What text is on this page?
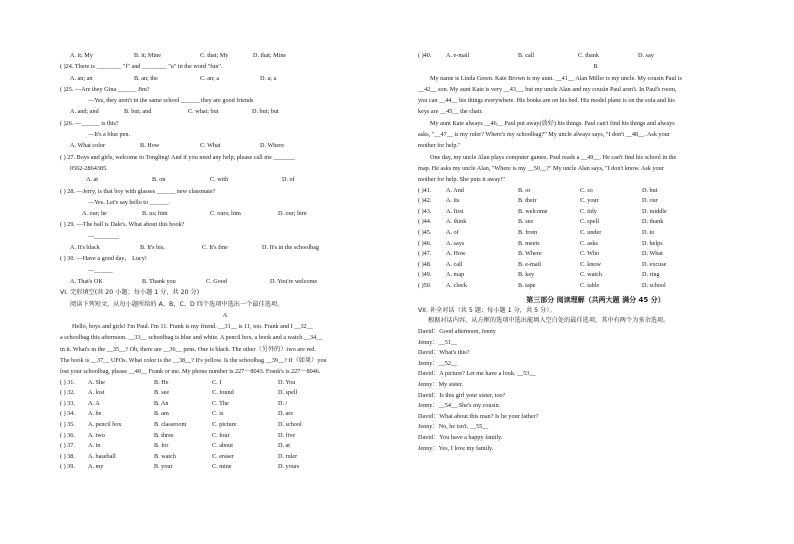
A. it; My	B. it; Mine	C. that; My	D. that; Mine
( )24. There is ________ "f" and ________ "u" in the word "fun".
A. an; an	B. an; the	C. an; a	D. a; a
( )25. —Are they Gina ______ Jim?
—Yes, they aren't in the same school ______ they are good friends
A. and; and	B. but; and	C. what; but	D. but; but
( )26. —______ is this?
—It's a blue pen.
A. What color	B. How	C. What	D. Where
( ) 27. Boys and girls, welcome to Tongling! And if you need any help, please call me _______
0562-2864385.
A. at	B. on	C. with	D. of
( ) 28. —Jerry, is that boy with glasses ______ new classmate?
—Yes. Let's say hello to ______.
A. our; he	B. us; him	C. ours; him	D. our; him
( ) 29. —The ball is Dale's. What about this book?
—________
A. It's black	B. It's his。	C. It's fine	D. It's in the schoolbag
( ) 30. —Have a good day， Lucy!
—______
A. That's OK	B. Thank you	C. Good	D. You're welcome
VI. 完形填空(共 20 小题；每小题 1 分，共 20 分)
阅读下列短文，从每小题所给的 A、B、C、D 四个选项中选出一个最佳选项。
A
Hello, boys and girls! I'm Paul. I'm 11. Frank is my friend. __31__ is 11, too. Frank and I __32__
a schoolbag this afternoon. __33__ schoolbag is blue and white. A pencil box, a book and a watch __34__
in it. What's in the __35__? Oh, there are __36__ pens. One is black. The other（另外的）two are red.
The book is __37__ UFOs. What color is the __38__? It's yellow. Is the schoolbag __39__? If（如果）you
lost your schoolbag, please __40__ Frank or me. My phone number is 227－8043. Frank's is 227－8046.
( ) 31. A. She	B. He	C. I	D. You
( ) 32. A. lost	B. see	C. found	D. spell
( ) 33. A. A	B. An	C. The	D. /
( ) 34. A. be	B. am	C. is	D. are
( ) 35. A. pencil box	B. classroom	C. picture	D. school
( ) 36. A. two	B. three	C. four	D. five
( ) 37. A. in	B. for	C. about	D. at
( ) 38. A. baseball	B. watch	C. eraser	D. ruler
( ) 39. A. my	B. your	C. mine	D. yours
( )40. A. e-mail	B. call	C. thank	D. say
B
My name is Linda Green. Kate Brown is my aunt. __41__ Alan Miller is my uncle. My cousin Paul is
__42__ son. My aunt Kate is very __43__, but my uncle Alan and my cousin Paul aren't. In Paul's room,
you can __44__ his things everywhere. His books are on his bed. His model plane is on the sofa and his
keys are __45__ the chair.
My aunt Kate always __46__ Paul put away(放好) his things. Paul can't find his things and always
asks, "__47__ is my ruler? Where's my schoolbag?" My uncle always says, "I don't __48__. Ask your
mother for help."
One day, my uncle Alan plays computer games. Paul reads a __49__. He can't find his school in the
map. He asks my uncle Alan, "Where is my __50__?" My uncle Alan says, "I don't know. Ask your
mother for help. She puts it away!"
( )41. A. And	B. or	C. so	D. but
( )42. A. its	B. their	C. your	D. our
( )43. A. first	B. welcome	C. tidy	D. middle
( )44. A. think	B. see	C. spell	D. thank
( )45. A. of	B. from	C. under	D. to
( )46. A. says	B. meets	C. asks	D. helps
( )47. A. How	B. Where	C. Who	D. What
( )48. A. call	B. e-mail	C. know	D. excuse
( )49. A. map	B. key	C. watch	D. ring
( )50. A. clock	B. tape	C. table	D. school
第三部分 阅读理解（共两大题 满分 45 分）
VII. 补全对话（共 5 题；每小题 1 分，共 5 分）。
根据对话内容，从方框的选项中选出能填入空白处的最佳选项，其中有两个为多余选项。
David：Good afternoon, Jenny
Jenny：__51__
David：What's this?
Jenny：__52__
David：A picture? Let me have a look. __53__
Jenny：My sister.
David：Is this girl your sister, too?
Jenny：__54__ She's my cousin.
David：What about this man? Is he your father?
Jenny：No, he isn't. __55__
David：You have a happy family.
Jenny：Yes, I love my family.
